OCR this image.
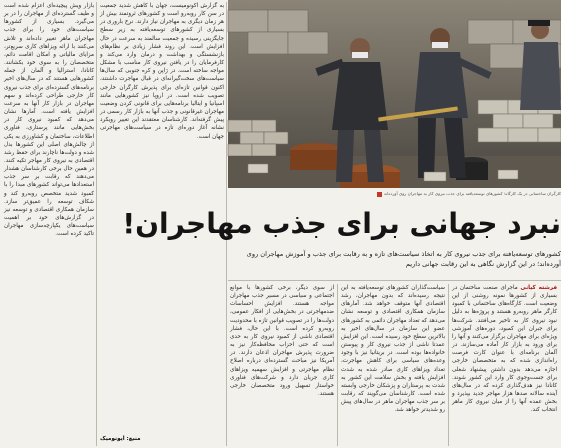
بازار ویش پیچیده‌ای اعزام شده است و طیف گسترده‌ای از مهاجران را در بر می‌گیرد. بسیاری از کشورها سیاست‌های خود را برای جذب مهاجران ماهر تغییر داده‌اند و تلاش می‌کنند با ارائه ویزاهای کاری سریع‌تر، مزایای مالیاتی و امکان اقامت دائم، متخصصان را به سوی خود بکشانند. کانادا، استرالیا و آلمان از جمله کشورهایی هستند که در سال‌های اخیر برنامه‌های گسترده‌ای برای جذب نیروی کار خارجی طراحی کرده‌اند و سهم مهاجران در بازار کار آنها به سرعت افزایش یافته است. آمارها نشان می‌دهد که کمبود نیروی کار در بخش‌هایی مانند پرستاری، فناوری اطلاعات، ساختمان و کشاورزی به یکی از چالش‌های اصلی این کشورها بدل شده و دولت‌ها ناچارند برای حفظ رشد اقتصادی به نیروی کار مهاجر تکیه کنند. در همین حال برخی کارشناسان هشدار می‌دهند که رقابت بر سر جذب استعدادها می‌تواند کشورهای مبدا را با کمبود شدید متخصص روبه‌رو کند و شکاف توسعه را عمیق‌تر سازد. سازمان همکاری اقتصادی و توسعه نیز در گزارش‌های خود بر اهمیت سیاست‌های یکپارچه‌سازی مهاجران تاکید کرده است.

به گزارش اکونومیست، جهان با کاهش شدید جمعیت در سن کار روبه‌رو است و کشورهای ثروتمند بیش از هر زمان دیگری به مهاجران نیاز دارند. نرخ باروری در بسیاری از کشورهای توسعه‌یافته به زیر سطح جایگزینی رسیده و جمعیت سالمند به سرعت در حال افزایش است. این روند فشار زیادی بر نظام‌های بازنشستگی و بهداشت و درمان وارد می‌کند و کارفرمایان را در یافتن نیروی کار مناسب با مشکل مواجه ساخته است. در ژاپن و کره جنوبی که سال‌ها سیاست‌های سخت‌گیرانه‌ای در قبال مهاجرت داشتند، اکنون قوانین تازه‌ای برای پذیرش کارگران خارجی تصویب شده است. در اروپا نیز کشورهایی مانند اسپانیا و ایتالیا برنامه‌هایی برای قانونی کردن وضعیت مهاجران غیرقانونی و جذب آنها به بازار کار رسمی در پیش گرفته‌اند. کارشناسان معتقدند این تغییر رویکرد نشانه آغاز دوره‌ای تازه در سیاست‌های مهاجرتی جهان است.

منبع: ایونومیک
کارگران ساختمانی در یک کارگاه؛ کشورهای توسعه‌یافته برای جذب نیروی کار به مهاجران روی آورده‌اند
نبرد جهانی برای جذب مهاجران!
کشورهای توسعه‌یافته برای جذب نیروی کار به اتخاذ سیاست‌های تازه و به رقابت برای جذب و آموزش مهاجران روی آورده‌اند؛ در این گزارش نگاهی به این رقابت جهانی داریم

از سوی دیگر، برخی کشورها با موانع اجتماعی و سیاسی در مسیر جذب مهاجران مواجه هستند. افزایش احساسات ضدمهاجرتی در بخش‌هایی از افکار عمومی، دولت‌ها را در تصویب قوانین تازه با محدودیت روبه‌رو کرده است. با این حال، فشار اقتصادی ناشی از کمبود نیروی کار به حدی است که حتی احزاب محافظه‌کار نیز به ضرورت پذیرش مهاجران اذعان دارند. در آمریکا نیز مباحث گسترده‌ای درباره اصلاح نظام مهاجرتی و افزایش سهمیه ویزاهای کاری جریان دارد و شرکت‌های فناوری خواستار تسهیل ورود متخصصان خارجی هستند.

سیاست‌گذاران کشورهای توسعه‌یافته به این نتیجه رسیده‌اند که بدون مهاجران، رشد اقتصادی آنها متوقف خواهد شد. آمارهای سازمان همکاری اقتصادی و توسعه نشان می‌دهد که تعداد مهاجران دائمی به کشورهای عضو این سازمان در سال‌های اخیر به بالاترین سطح خود رسیده است. این افزایش عمدتا ناشی از جذب نیروی کار و پیوستن خانواده‌ها بوده است. در بریتانیا نیز با وجود وعده‌های سیاسی برای کاهش مهاجرت، تعداد ویزاهای کاری صادر شده به شدت افزایش یافته و بخش سلامت این کشور به شدت به پرستاران و پزشکان خارجی وابسته شده است. کارشناسان می‌گویند که رقابت بر سر جذب مهاجران ماهر در سال‌های پیش رو شدیدتر خواهد شد.

فرشته کیانی ماجرای صنعت ساختمان در بسیاری از کشورها نمونه روشنی از این وضعیت است. کارگاه‌های ساختمانی با کمبود کارگر ماهر روبه‌رو هستند و پروژه‌ها به دلیل نبود نیروی کار به تاخیر می‌افتند. شرکت‌ها برای جبران این کمبود، دوره‌های آموزشی ویژه‌ای برای مهاجران برگزار می‌کنند و آنها را برای ورود به بازار کار آماده می‌سازند. در آلمان برنامه‌ای با عنوان کارت فرصت راه‌اندازی شده که به متخصصان خارجی اجازه می‌دهد بدون داشتن پیشنهاد شغلی برای جست‌وجوی کار وارد این کشور شوند. کانادا نیز هدف‌گذاری کرده که در سال‌های آینده سالانه صدها هزار مهاجر جدید بپذیرد و بخش عمده آنها را از میان نیروی کار ماهر انتخاب کند.
